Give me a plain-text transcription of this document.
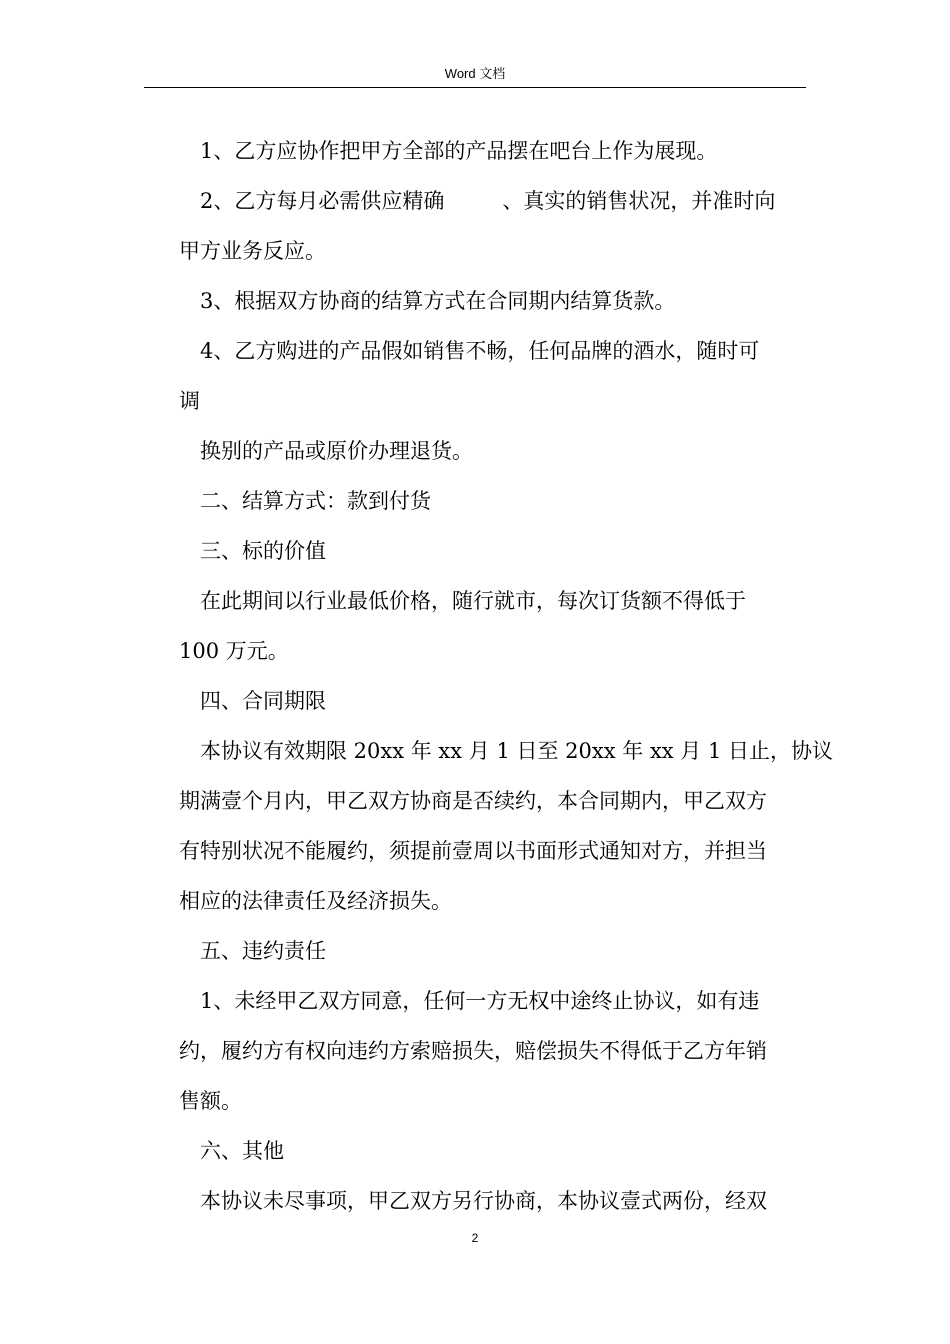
Word 文档
1、乙方应协作把甲方全部的产品摆在吧台上作为展现。
2、乙方每月必需供应精确	、真实的销售状况，并准时向
甲方业务反应。
3、根据双方协商的结算方式在合同期内结算货款。
4、乙方购进的产品假如销售不畅，任何品牌的酒水，随时可
调
换别的产品或原价办理退货。
二、结算方式：款到付货
三、标的价值
在此期间以行业最低价格，随行就市，每次订货额不得低于
100 万元。
四、合同期限
本协议有效期限 20xx 年 xx 月 1 日至 20xx 年 xx 月 1 日止，协议
期满壹个月内，甲乙双方协商是否续约，本合同期内，甲乙双方
有特别状况不能履约，须提前壹周以书面形式通知对方，并担当
相应的法律责任及经济损失。
五、违约责任
1、未经甲乙双方同意，任何一方无权中途终止协议，如有违
约，履约方有权向违约方索赔损失，赔偿损失不得低于乙方年销
售额。
六、其他
本协议未尽事项，甲乙双方另行协商，本协议壹式两份，经双
2
